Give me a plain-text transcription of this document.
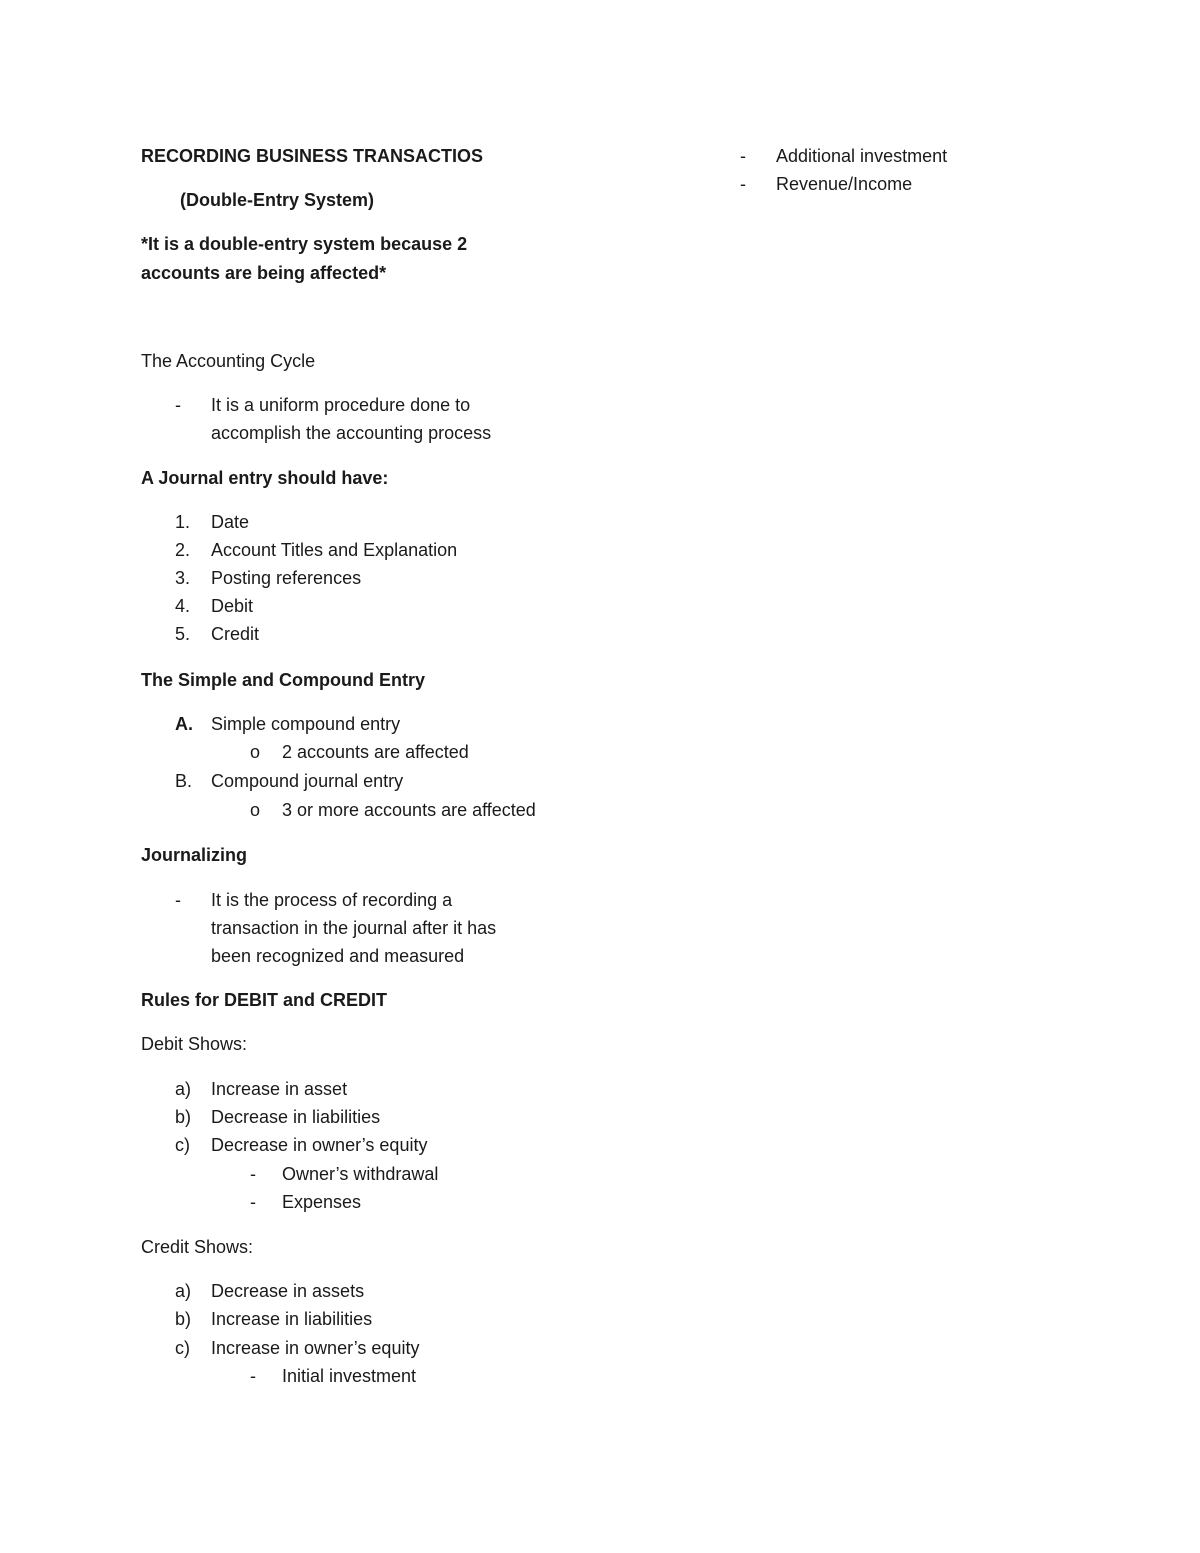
RECORDING BUSINESS TRANSACTIOS
(Double-Entry System)
*It is a double-entry system because 2
accounts are being affected*
The Accounting Cycle
- It is a uniform procedure done to
accomplish the accounting process
A Journal entry should have:
1. Date
2. Account Titles and Explanation
3. Posting references
4. Debit
5. Credit
The Simple and Compound Entry
A. Simple compound entry
o 2 accounts are affected
B. Compound journal entry
o 3 or more accounts are affected
Journalizing
- It is the process of recording a
transaction in the journal after it has
been recognized and measured
Rules for DEBIT and CREDIT
Debit Shows:
a) Increase in asset
b) Decrease in liabilities
c) Decrease in owner’s equity
- Owner’s withdrawal
- Expenses
Credit Shows:
a) Decrease in assets
b) Increase in liabilities
c) Increase in owner’s equity
- Initial investment
- Additional investment
- Revenue/Income
